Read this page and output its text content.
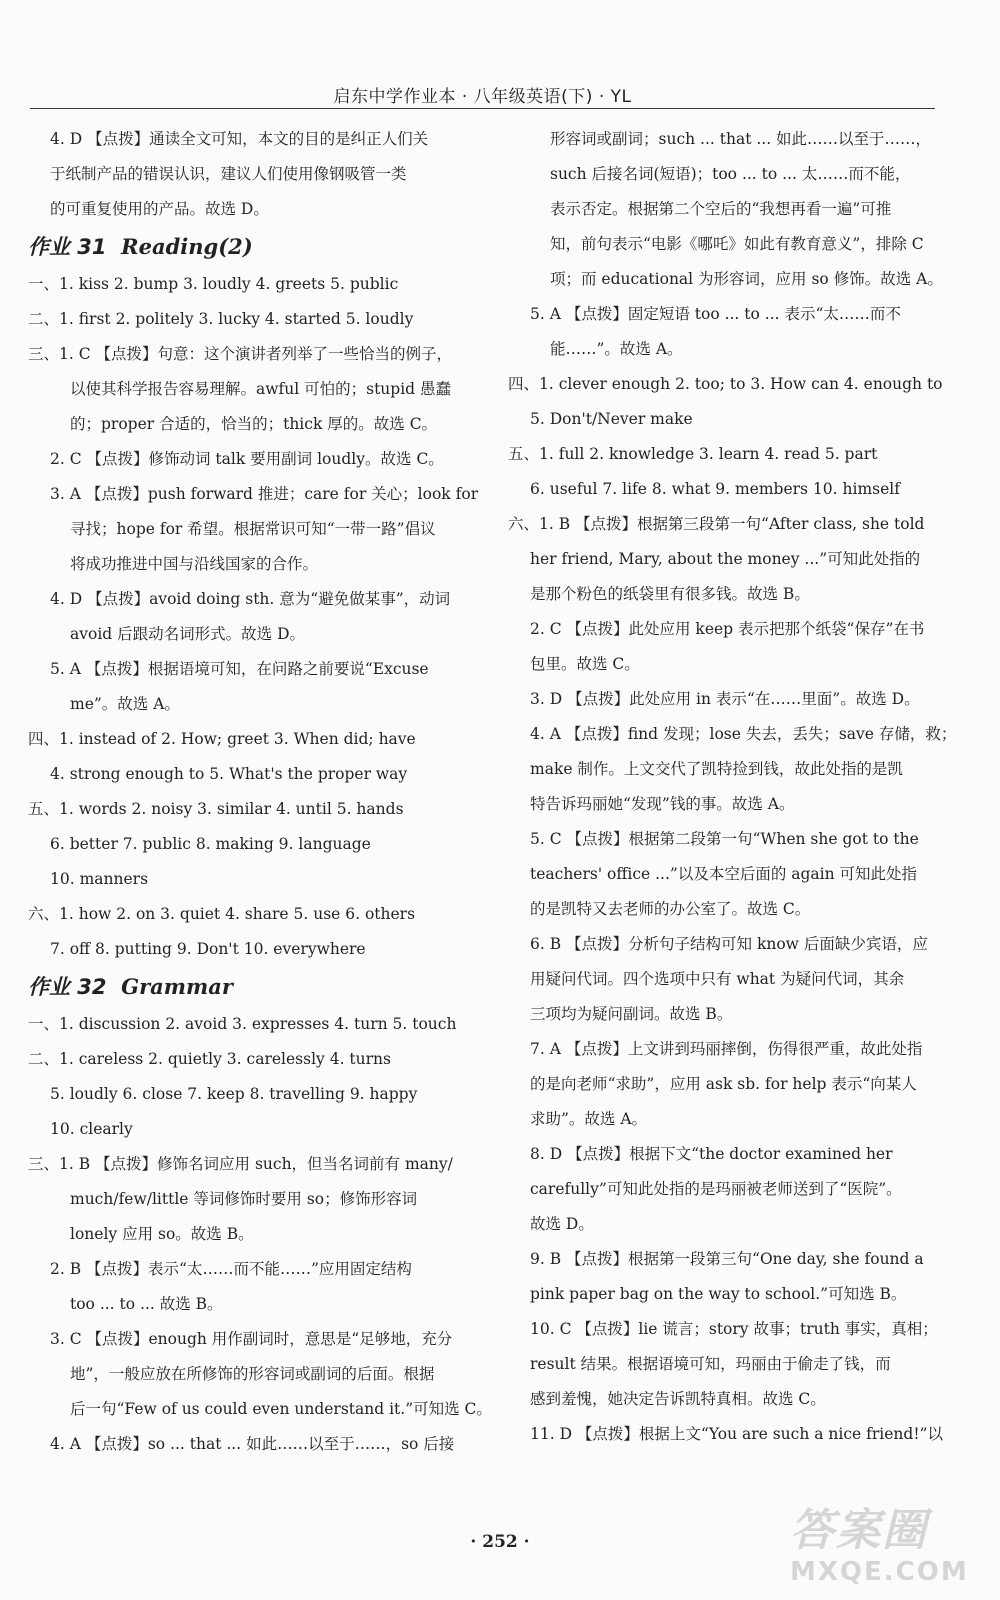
启东中学作业本 · 八年级英语(下) · YL
4. D 【点拨】通读全文可知，本文的目的是纠正人们关
于纸制产品的错误认识，建议人们使用像钢吸管一类
的可重复使用的产品。故选 D。
作业 31 Reading(2)
一、1. kiss 2. bump 3. loudly 4. greets 5. public
二、1. first 2. politely 3. lucky 4. started 5. loudly
三、1. C 【点拨】句意：这个演讲者列举了一些恰当的例子，
以使其科学报告容易理解。awful 可怕的；stupid 愚蠢
的；proper 合适的，恰当的；thick 厚的。故选 C。
2. C 【点拨】修饰动词 talk 要用副词 loudly。故选 C。
3. A 【点拨】push forward 推进；care for 关心；look for
寻找；hope for 希望。根据常识可知“一带一路”倡议
将成功推进中国与沿线国家的合作。
4. D 【点拨】avoid doing sth. 意为“避免做某事”，动词
avoid 后跟动名词形式。故选 D。
5. A 【点拨】根据语境可知，在问路之前要说“Excuse
me”。故选 A。
四、1. instead of 2. How; greet 3. When did; have
4. strong enough to 5. What's the proper way
五、1. words 2. noisy 3. similar 4. until 5. hands
6. better 7. public 8. making 9. language
10. manners
六、1. how 2. on 3. quiet 4. share 5. use 6. others
7. off 8. putting 9. Don't 10. everywhere
作业 32 Grammar
一、1. discussion 2. avoid 3. expresses 4. turn 5. touch
二、1. careless 2. quietly 3. carelessly 4. turns
5. loudly 6. close 7. keep 8. travelling 9. happy
10. clearly
三、1. B 【点拨】修饰名词应用 such，但当名词前有 many/
much/few/little 等词修饰时要用 so；修饰形容词
lonely 应用 so。故选 B。
2. B 【点拨】表示“太……而不能……”应用固定结构
too ... to ... 故选 B。
3. C 【点拨】enough 用作副词时，意思是“足够地，充分
地”，一般应放在所修饰的形容词或副词的后面。根据
后一句“Few of us could even understand it.”可知选 C。
4. A 【点拨】so ... that ... 如此……以至于……，so 后接
形容词或副词；such ... that ... 如此……以至于……，
such 后接名词(短语)；too ... to ... 太……而不能，
表示否定。根据第二个空后的“我想再看一遍”可推
知，前句表示“电影《哪吒》如此有教育意义”，排除 C
项；而 educational 为形容词，应用 so 修饰。故选 A。
5. A 【点拨】固定短语 too ... to ... 表示“太……而不
能……”。故选 A。
四、1. clever enough 2. too; to 3. How can 4. enough to
5. Don't/Never make
五、1. full 2. knowledge 3. learn 4. read 5. part
6. useful 7. life 8. what 9. members 10. himself
六、1. B 【点拨】根据第三段第一句“After class, she told
her friend, Mary, about the money ...”可知此处指的
是那个粉色的纸袋里有很多钱。故选 B。
2. C 【点拨】此处应用 keep 表示把那个纸袋“保存”在书
包里。故选 C。
3. D 【点拨】此处应用 in 表示“在……里面”。故选 D。
4. A 【点拨】find 发现；lose 失去，丢失；save 存储，救；
make 制作。上文交代了凯特捡到钱，故此处指的是凯
特告诉玛丽她“发现”钱的事。故选 A。
5. C 【点拨】根据第二段第一句“When she got to the
teachers' office ...”以及本空后面的 again 可知此处指
的是凯特又去老师的办公室了。故选 C。
6. B 【点拨】分析句子结构可知 know 后面缺少宾语，应
用疑问代词。四个选项中只有 what 为疑问代词，其余
三项均为疑问副词。故选 B。
7. A 【点拨】上文讲到玛丽摔倒，伤得很严重，故此处指
的是向老师“求助”，应用 ask sb. for help 表示“向某人
求助”。故选 A。
8. D 【点拨】根据下文“the doctor examined her
carefully”可知此处指的是玛丽被老师送到了“医院”。
故选 D。
9. B 【点拨】根据第一段第三句“One day, she found a
pink paper bag on the way to school.”可知选 B。
10. C 【点拨】lie 谎言；story 故事；truth 事实，真相；
result 结果。根据语境可知，玛丽由于偷走了钱，而
感到羞愧，她决定告诉凯特真相。故选 C。
11. D 【点拨】根据上文“You are such a nice friend!”以
· 252 ·	答案圈
MXQE.COM
